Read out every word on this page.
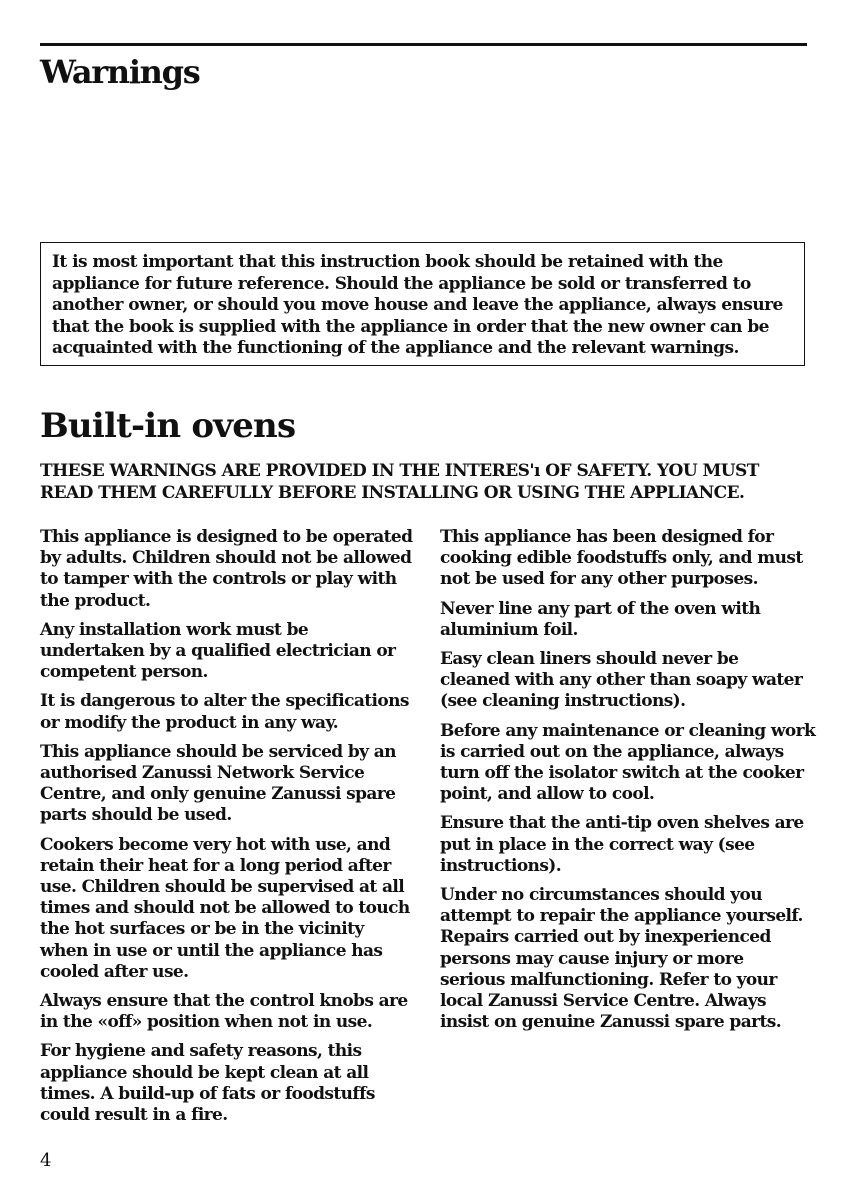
Warnings

It is most important that this instruction book should be retained with the
appliance for future reference. Should the appliance be sold or transferred to
another owner, or should you move house and leave the appliance, always ensure
that the book is supplied with the appliance in order that the new owner can be
acquainted with the functioning of the appliance and the relevant warnings.

Built-in ovens

THESE WARNINGS ARE PROVIDED IN THE INTERES'ı OF SAFETY. YOU MUST
READ THEM CAREFULLY BEFORE INSTALLING OR USING THE APPLIANCE.

This appliance is designed to be operated
by adults. Children should not be allowed
to tamper with the controls or play with
the product.

Any installation work must be
undertaken by a qualified electrician or
competent person.

It is dangerous to alter the specifications
or modify the product in any way.

This appliance should be serviced by an
authorised Zanussi Network Service
Centre, and only genuine Zanussi spare
parts should be used.

Cookers become very hot with use, and
retain their heat for a long period after
use. Children should be supervised at all
times and should not be allowed to touch
the hot surfaces or be in the vicinity
when in use or until the appliance has
cooled after use.

Always ensure that the control knobs are
in the «off» position when not in use.

For hygiene and safety reasons, this
appliance should be kept clean at all
times. A build-up of fats or foodstuffs
could result in a fire.

This appliance has been designed for
cooking edible foodstuffs only, and must
not be used for any other purposes.

Never line any part of the oven with
aluminium foil.

Easy clean liners should never be
cleaned with any other than soapy water
(see cleaning instructions).

Before any maintenance or cleaning work
is carried out on the appliance, always
turn off the isolator switch at the cooker
point, and allow to cool.

Ensure that the anti-tip oven shelves are
put in place in the correct way (see
instructions).

Under no circumstances should you
attempt to repair the appliance yourself.
Repairs carried out by inexperienced
persons may cause injury or more
serious malfunctioning. Refer to your
local Zanussi Service Centre. Always
insist on genuine Zanussi spare parts.

4
